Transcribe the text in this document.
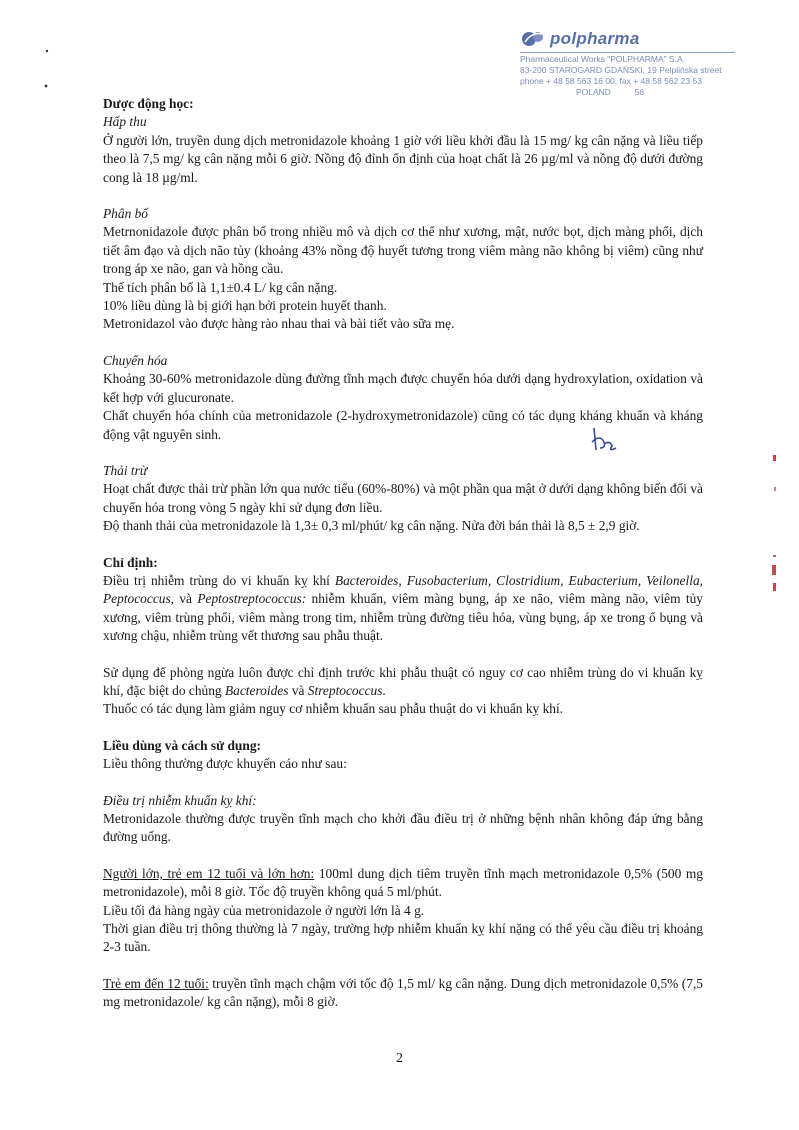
polpharma
Pharmaceutical Works "POLPHARMA" S.A.
83-200 STAROGARD GDAŃSKI, 19 Pelplińska street
phone + 48 58 563 16 00, fax + 48 58 562 23 53
POLAND	56

Dược động học:

Hấp thu

Ở người lớn, truyền dung dịch metronidazole khoảng 1 giờ với liều khởi đầu là 15 mg/ kg cân nặng và liều tiếp theo là 7,5 mg/ kg cân nặng mỗi 6 giờ. Nồng độ đỉnh ổn định của hoạt chất là 26 µg/ml và nồng độ dưới đường cong là 18 µg/ml.

Phân bố

Metrnonidazole được phân bố trong nhiều mô và dịch cơ thể như xương, mật, nước bọt, dịch màng phổi, dịch tiết âm đạo và dịch não tủy (khoảng 43% nồng độ huyết tương trong viêm màng não không bị viêm) cũng như trong áp xe não, gan và hồng cầu.

Thể tích phân bố là 1,1±0.4 L/ kg cân nặng.

10% liều dùng là bị giới hạn bởi protein huyết thanh.

Metronidazol vào được hàng rào nhau thai và bài tiết vào sữa mẹ.

Chuyển hóa

Khoảng 30-60% metronidazole dùng đường tĩnh mạch được chuyển hóa dưới dạng hydroxylation, oxidation và kết hợp với glucuronate.

Chất chuyển hóa chính của metronidazole (2-hydroxymetronidazole) cũng có tác dụng kháng khuẩn và kháng động vật nguyên sinh.

Thải trừ

Hoạt chất được thải trừ phần lớn qua nước tiểu (60%-80%) và một phần qua mật ở dưới dạng không biến đổi và chuyển hóa trong vòng 5 ngày khi sử dụng đơn liều.

Độ thanh thải của metronidazole là 1,3± 0,3 ml/phút/ kg cân nặng. Nửa đời bán thải là 8,5 ± 2,9 giờ.

Chỉ định:

Điều trị nhiễm trùng do vi khuẩn kỵ khí Bacteroides, Fusobacterium, Clostridium, Eubacterium, Veilonella, Peptococcus, và Peptostreptococcus: nhiễm khuẩn, viêm màng bụng, áp xe não, viêm màng não, viêm tủy xương, viêm trùng phổi, viêm màng trong tim, nhiễm trùng đường tiêu hóa, vùng bụng, áp xe trong ổ bụng và xương chậu, nhiễm trùng vết thương sau phẫu thuật.

Sử dụng để phòng ngừa luôn được chỉ định trước khi phẫu thuật có nguy cơ cao nhiễm trùng do vi khuẩn kỵ khí, đặc biệt do chủng Bacteroides và Streptococcus.

Thuốc có tác dụng làm giảm nguy cơ nhiễm khuẩn sau phẫu thuật do vi khuẩn kỵ khí.

Liều dùng và cách sử dụng:

Liều thông thường được khuyến cáo như sau:

Điều trị nhiễm khuẩn kỵ khí:

Metronidazole thường được truyền tĩnh mạch cho khởi đầu điều trị ở những bệnh nhân không đáp ứng bằng đường uống.

Người lớn, trẻ em 12 tuổi và lớn hơn: 100ml dung dịch tiêm truyền tĩnh mạch metronidazole 0,5% (500 mg metronidazole), mỗi 8 giờ. Tốc độ truyền không quá 5 ml/phút.

Liều tối đa hàng ngày của metronidazole ở người lớn là 4 g.

Thời gian điều trị thông thường là 7 ngày, trường hợp nhiễm khuẩn kỵ khí nặng có thể yêu cầu điều trị khoảng 2-3 tuần.

Trẻ em đến 12 tuổi: truyền tĩnh mạch chậm với tốc độ 1,5 ml/ kg cân nặng. Dung dịch metronidazole 0,5% (7,5 mg metronidazole/ kg cân nặng), mỗi 8 giờ.

2
